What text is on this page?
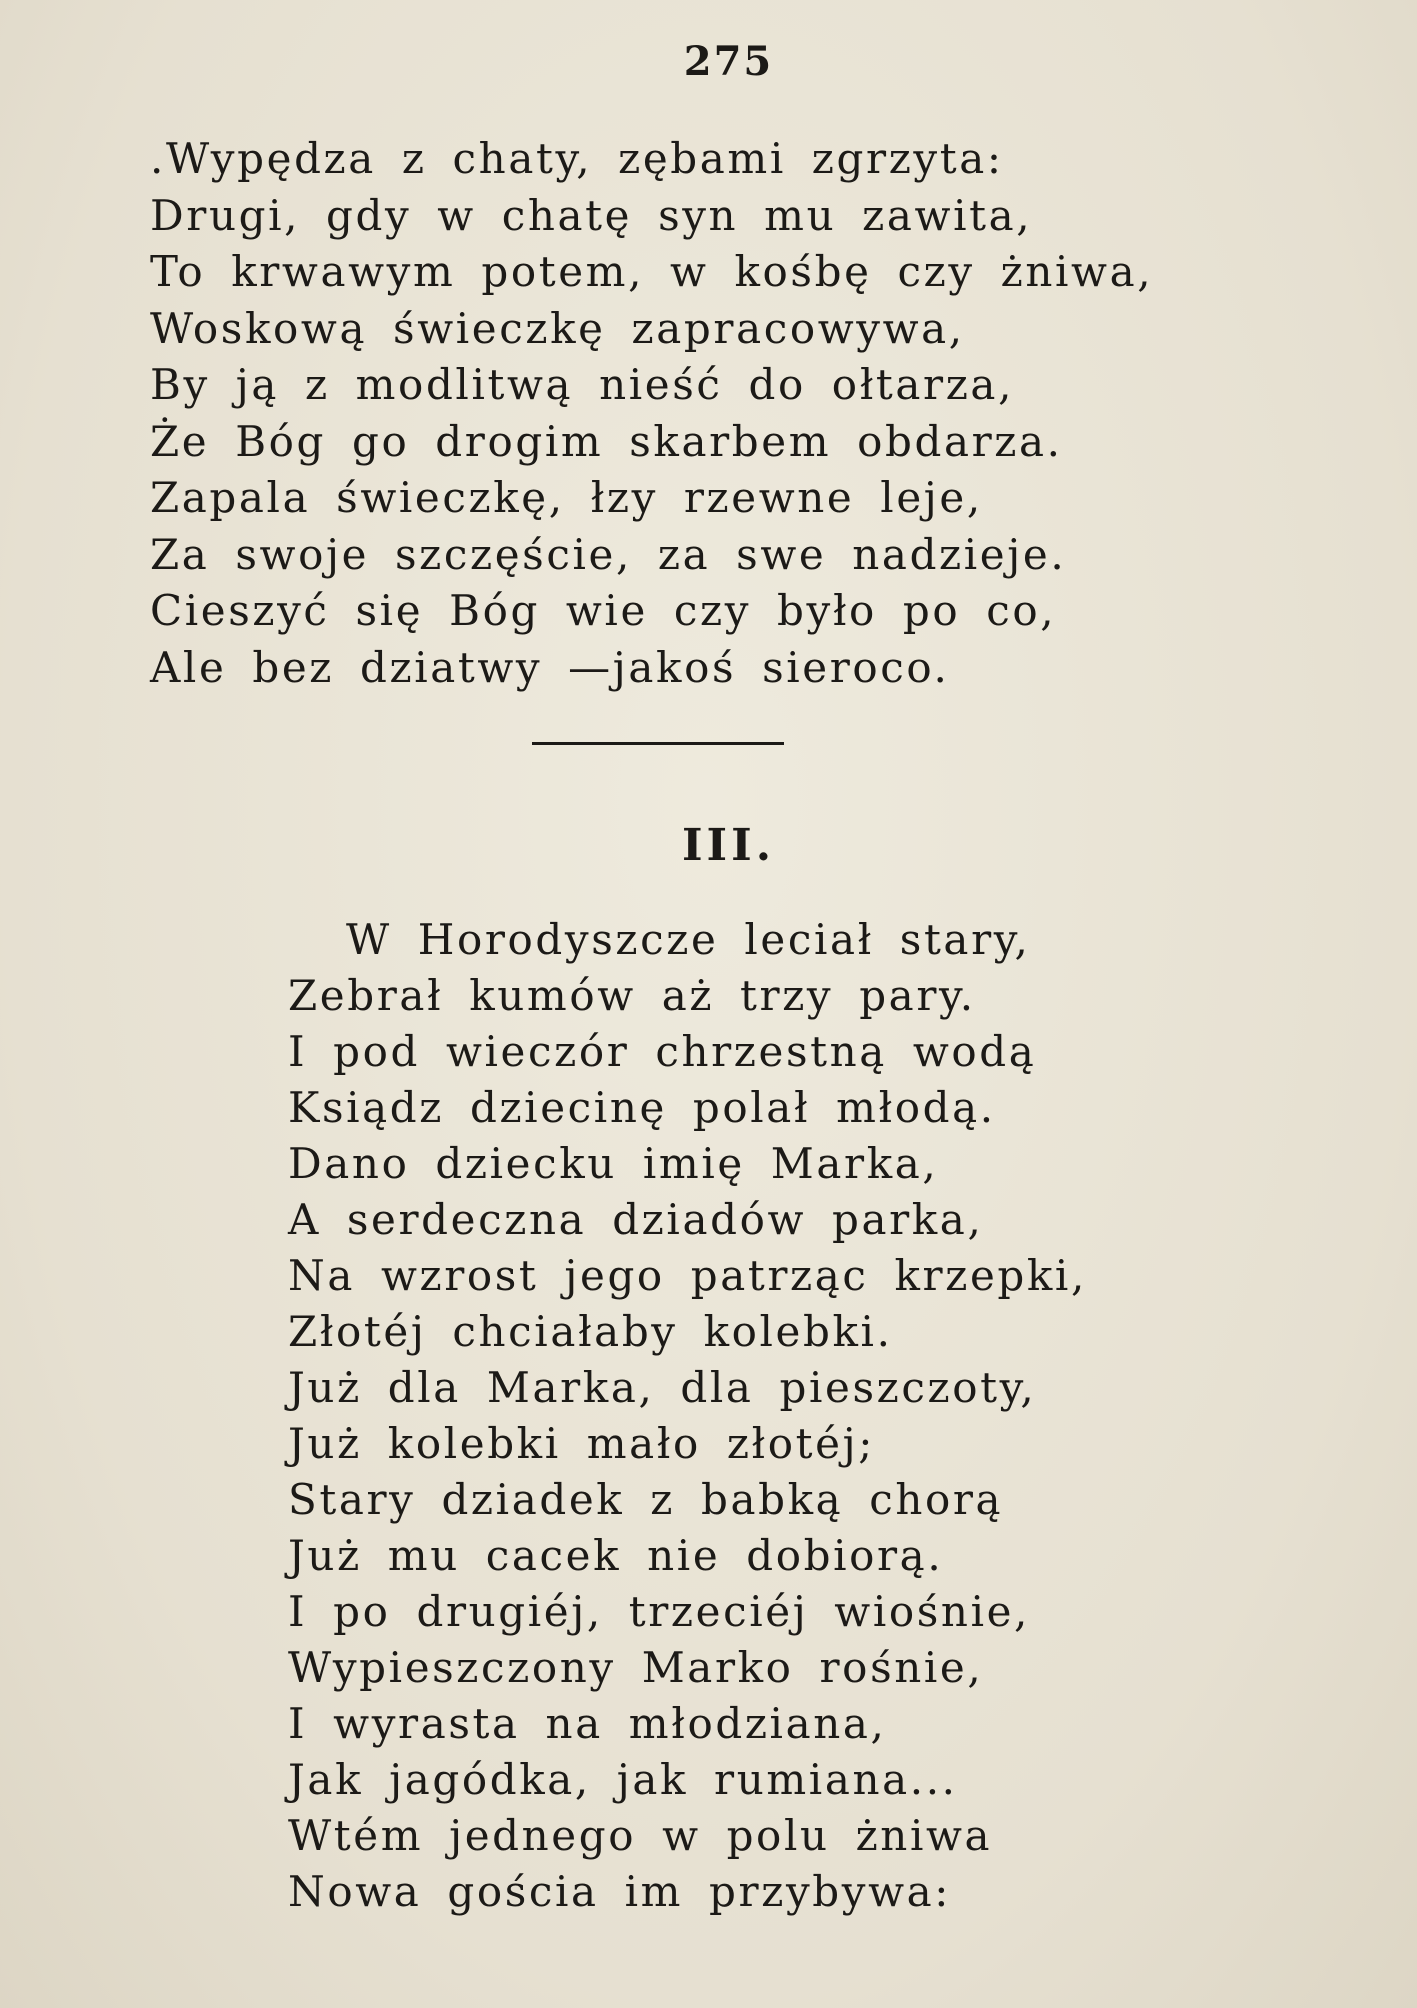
275
.Wypędza z chaty, zębami zgrzyta:
Drugi, gdy w chatę syn mu zawita,
To krwawym potem, w kośbę czy żniwa,
Woskową świeczkę zapracowywa,
By ją z modlitwą nieść do ołtarza,
Że Bóg go drogim skarbem obdarza.
Zapala świeczkę, łzy rzewne leje,
Za swoje szczęście, za swe nadzieje.
Cieszyć się Bóg wie czy było po co,
Ale bez dziatwy —jakoś sieroco.
III.
W Horodyszcze leciał stary,
Zebrał kumów aż trzy pary.
I pod wieczór chrzestną wodą
Ksiądz dziecinę polał młodą.
Dano dziecku imię Marka,
A serdeczna dziadów parka,
Na wzrost jego patrząc krzepki,
Złotéj chciałaby kolebki.
Już dla Marka, dla pieszczoty,
Już kolebki mało złotéj;
Stary dziadek z babką chorą
Już mu cacek nie dobiorą.
I po drugiéj, trzeciéj wiośnie,
Wypieszczony Marko rośnie,
I wyrasta na młodziana,
Jak jagódka, jak rumiana...
Wtém jednego w polu żniwa
Nowa gościa im przybywa:
